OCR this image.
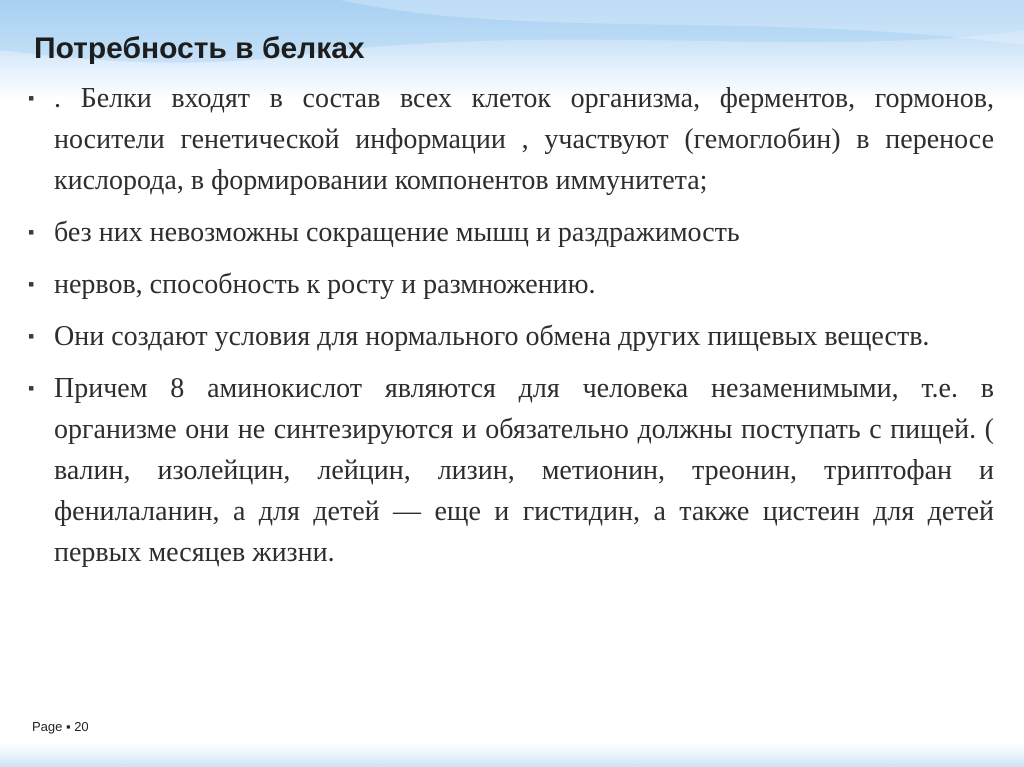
Потребность в белках
▪ . Белки входят в состав всех клеток организма, ферментов, гормонов, носители генетической информации , участвуют (гемоглобин) в переносе кислорода, в формировании компонентов иммунитета;
▪ без них невозможны сокращение мышц и раздражимость
▪ нервов, способность к росту и размножению.
▪ Они создают условия для нормального обмена других пищевых веществ.
▪ Причем 8 аминокислот являются для человека незаменимыми, т.е. в организме они не синтезируются и обязательно должны поступать с пищей. ( валин, изолейцин, лейцин, лизин, метионин, треонин, триптофан и фенилаланин, а для детей — еще и гистидин, а также цистеин для детей первых месяцев жизни.
Page ▪ 20
